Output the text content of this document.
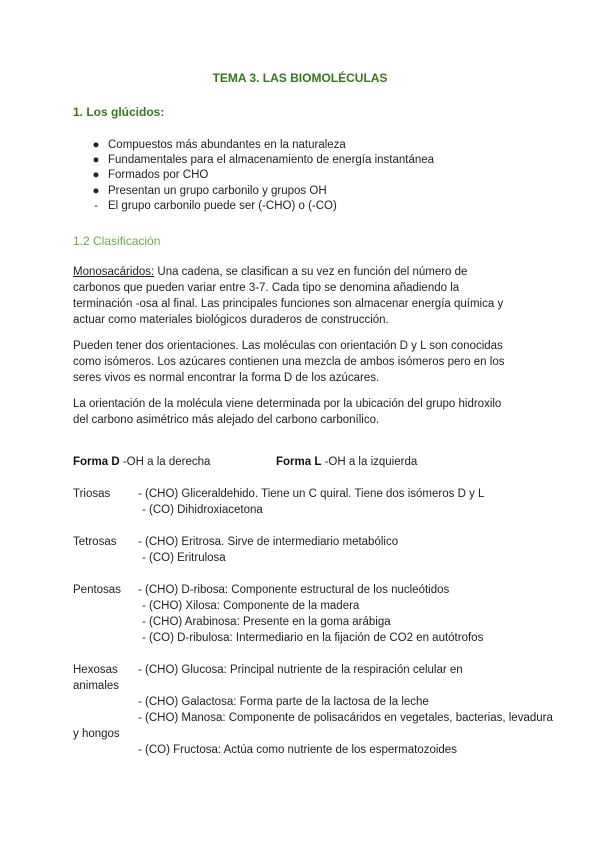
TEMA 3. LAS BIOMOLÉCULAS
1. Los glúcidos:
● Compuestos más abundantes en la naturaleza
● Fundamentales para el almacenamiento de energía instantánea
● Formados por CHO
● Presentan un grupo carbonilo y grupos OH
- El grupo carbonilo puede ser (-CHO) o (-CO)
1.2 Clasificación
Monosacáridos: Una cadena, se clasifican a su vez en función del número de
carbonos que pueden variar entre 3-7. Cada tipo se denomina añadiendo la
terminación -osa al final. Las principales funciones son almacenar energía química y
actuar como materiales biológicos duraderos de construcción.
Pueden tener dos orientaciones. Las moléculas con orientación D y L son conocidas
como isómeros. Los azúcares contienen una mezcla de ambos isómeros pero en los
seres vivos es normal encontrar la forma D de los azúcares.
La orientación de la molécula viene determinada por la ubicación del grupo hidroxilo
del carbono asimétrico más alejado del carbono carbonílico.
Forma D -OH a la derecha	Forma L -OH a la izquierda
Triosas - (CHO) Gliceraldehido. Tiene un C quiral. Tiene dos isómeros D y L
- (CO) Dihidroxiacetona
Tetrosas - (CHO) Eritrosa. Sirve de intermediario metabólico
- (CO) Eritrulosa
Pentosas - (CHO) D-ribosa: Componente estructural de los nucleótidos
- (CHO) Xilosa: Componente de la madera
- (CHO) Arabinosa: Presente en la goma arábiga
- (CO) D-ribulosa: Intermediario en la fijación de CO2 en autótrofos
Hexosas - (CHO) Glucosa: Principal nutriente de la respiración celular en
animales
- (CHO) Galactosa: Forma parte de la lactosa de la leche
- (CHO) Manosa: Componente de polisacáridos en vegetales, bacterias, levadura
y hongos
- (CO) Fructosa: Actúa como nutriente de los espermatozoides
